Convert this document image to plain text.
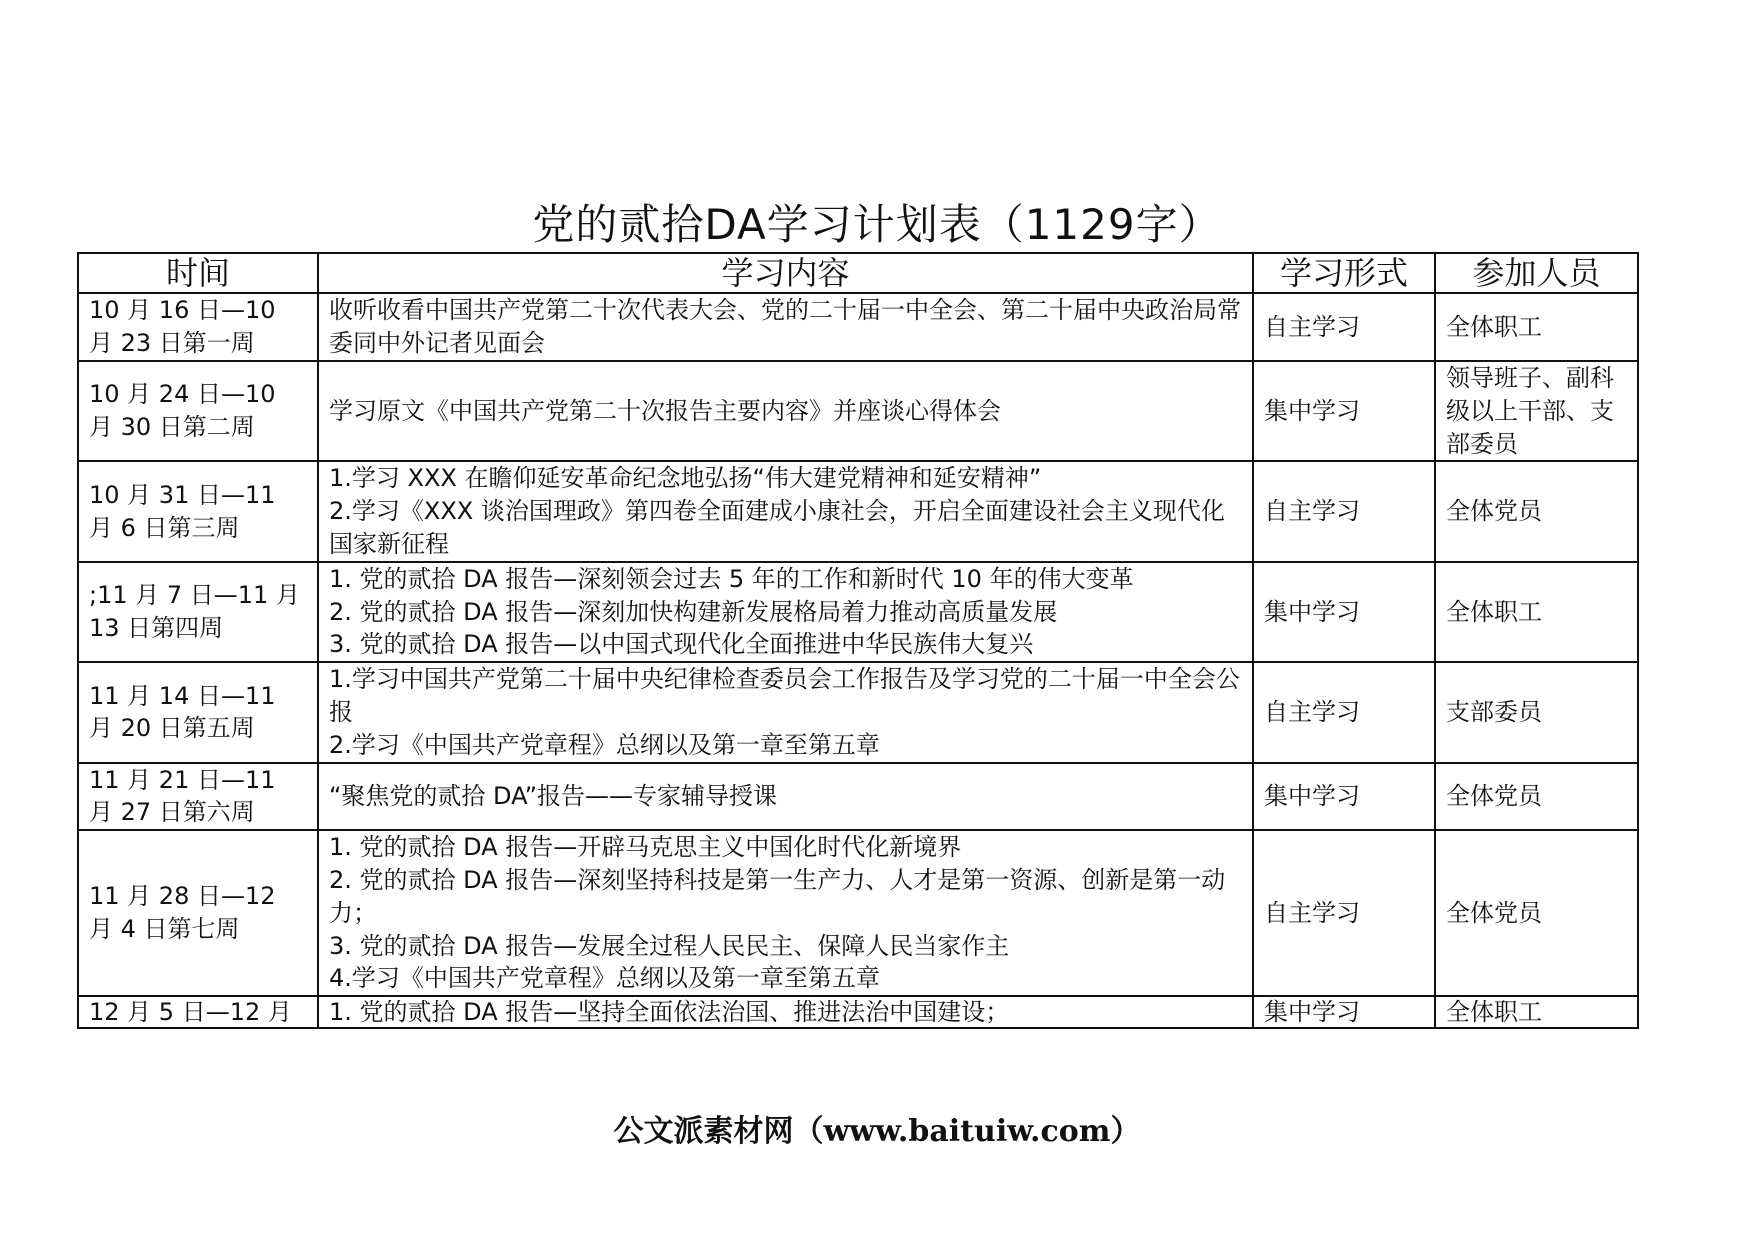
党的贰拾DA学习计划表（1129字）
时间	学习内容	学习形式	参加人员

10 月 16 日—10
月 23 日第一周	收听收看中国共产党第二十次代表大会、党的二十届一中全会、第二十届中央政治局常委同中外记者见面会	自主学习	全体职工

10 月 24 日—10
月 30 日第二周	学习原文《中国共产党第二十次报告主要内容》并座谈心得体会	集中学习	领导班子、副科
级以上干部、支
部委员

10 月 31 日—11
月 6 日第三周	1.学习 XXX 在瞻仰延安革命纪念地弘扬“伟大建党精神和延安精神”
2.学习《XXX 谈治国理政》第四卷全面建成小康社会，开启全面建设社会主义现代化国家新征程	自主学习	全体党员

;11 月 7 日—11 月
13 日第四周	1. 党的贰拾 DA 报告—深刻领会过去 5 年的工作和新时代 10 年的伟大变革
2. 党的贰拾 DA 报告—深刻加快构建新发展格局着力推动高质量发展
3. 党的贰拾 DA 报告—以中国式现代化全面推进中华民族伟大复兴	集中学习	全体职工

11 月 14 日—11
月 20 日第五周	1.学习中国共产党第二十届中央纪律检查委员会工作报告及学习党的二十届一中全会公报
2.学习《中国共产党章程》总纲以及第一章至第五章	自主学习	支部委员

11 月 21 日—11
月 27 日第六周	“聚焦党的贰拾 DA”报告——专家辅导授课	集中学习	全体党员

11 月 28 日—12
月 4 日第七周	1. 党的贰拾 DA 报告—开辟马克思主义中国化时代化新境界
2. 党的贰拾 DA 报告—深刻坚持科技是第一生产力、人才是第一资源、创新是第一动力；
3. 党的贰拾 DA 报告—发展全过程人民民主、保障人民当家作主
4.学习《中国共产党章程》总纲以及第一章至第五章	自主学习	全体党员

12 月 5 日—12 月	1. 党的贰拾 DA 报告—坚持全面依法治国、推进法治中国建设；	集中学习	全体职工
公文派素材网（www.baituiw.com）
